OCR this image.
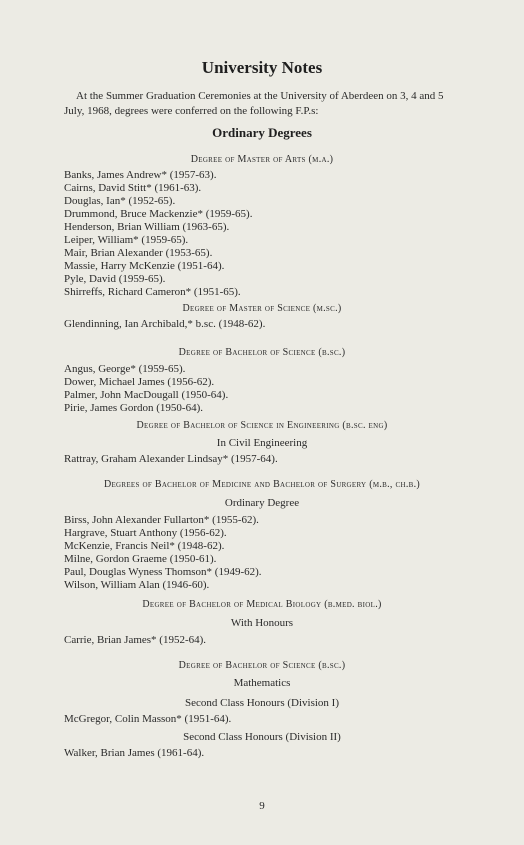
University Notes
At the Summer Graduation Ceremonies at the University of Aberdeen on 3, 4 and 5 July, 1968, degrees were conferred on the following F.P.s:
Ordinary Degrees
Degree of Master of Arts (m.a.)
Banks, James Andrew* (1957-63).
Cairns, David Stitt* (1961-63).
Douglas, Ian* (1952-65).
Drummond, Bruce Mackenzie* (1959-65).
Henderson, Brian William (1963-65).
Leiper, William* (1959-65).
Mair, Brian Alexander (1953-65).
Massie, Harry McKenzie (1951-64).
Pyle, David (1959-65).
Shirreffs, Richard Cameron* (1951-65).
Degree of Master of Science (m.sc.)
Glendinning, Ian Archibald,* b.sc. (1948-62).
Degree of Bachelor of Science (b.sc.)
Angus, George* (1959-65).
Dower, Michael James (1956-62).
Palmer, John MacDougall (1950-64).
Pirie, James Gordon (1950-64).
Degree of Bachelor of Science in Engineering (b.sc. eng)
In Civil Engineering
Rattray, Graham Alexander Lindsay* (1957-64).
Degrees of Bachelor of Medicine and Bachelor of Surgery (m.b., ch.b.)
Ordinary Degree
Birss, John Alexander Fullarton* (1955-62).
Hargrave, Stuart Anthony (1956-62).
McKenzie, Francis Neil* (1948-62).
Milne, Gordon Graeme (1950-61).
Paul, Douglas Wyness Thomson* (1949-62).
Wilson, William Alan (1946-60).
Degree of Bachelor of Medical Biology (b.med. biol.)
With Honours
Carrie, Brian James* (1952-64).
Degree of Bachelor of Science (b.sc.)
Mathematics
Second Class Honours (Division I)
McGregor, Colin Masson* (1951-64).
Second Class Honours (Division II)
Walker, Brian James (1961-64).
9
